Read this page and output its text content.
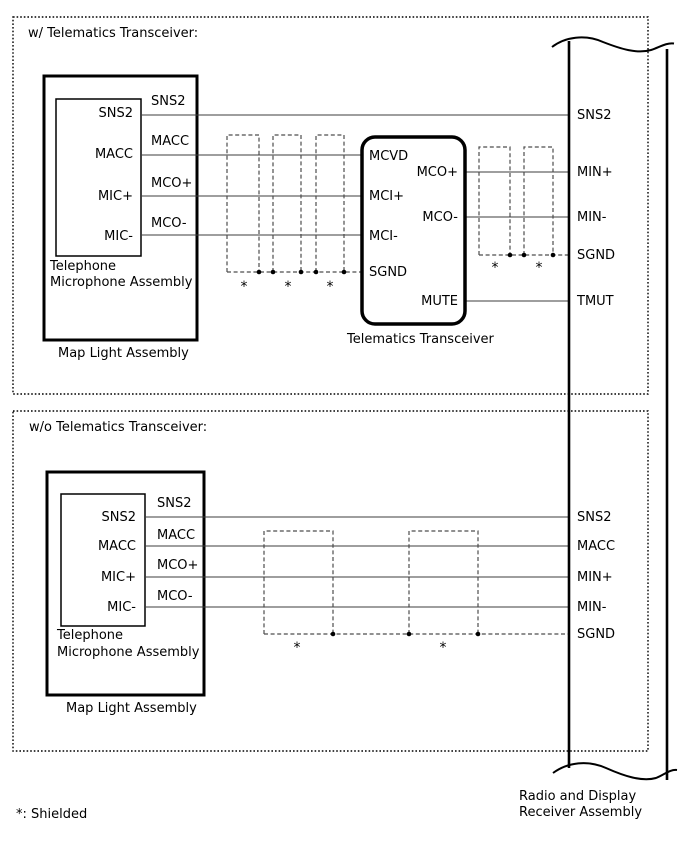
w/ Telematics Transceiver:
SNS2
MACC
MIC+
MIC-
Telephone
Microphone Assembly
Map Light Assembly
SNS2
MACC
MCO+
MCO-
*	*	*
MCVD
MCI+
MCI-
SGND
MCO+
MCO-
MUTE
Telematics Transceiver
*	*
SNS2
MIN+
MIN-
SGND
TMUT
w/o Telematics Transceiver:
SNS2
MACC
MIC+
MIC-
Telephone
Microphone Assembly
Map Light Assembly
SNS2
MACC
MCO+
MCO-
*	*
SNS2
MACC
MIN+
MIN-
SGND
Radio and Display
Receiver Assembly
*: Shielded
